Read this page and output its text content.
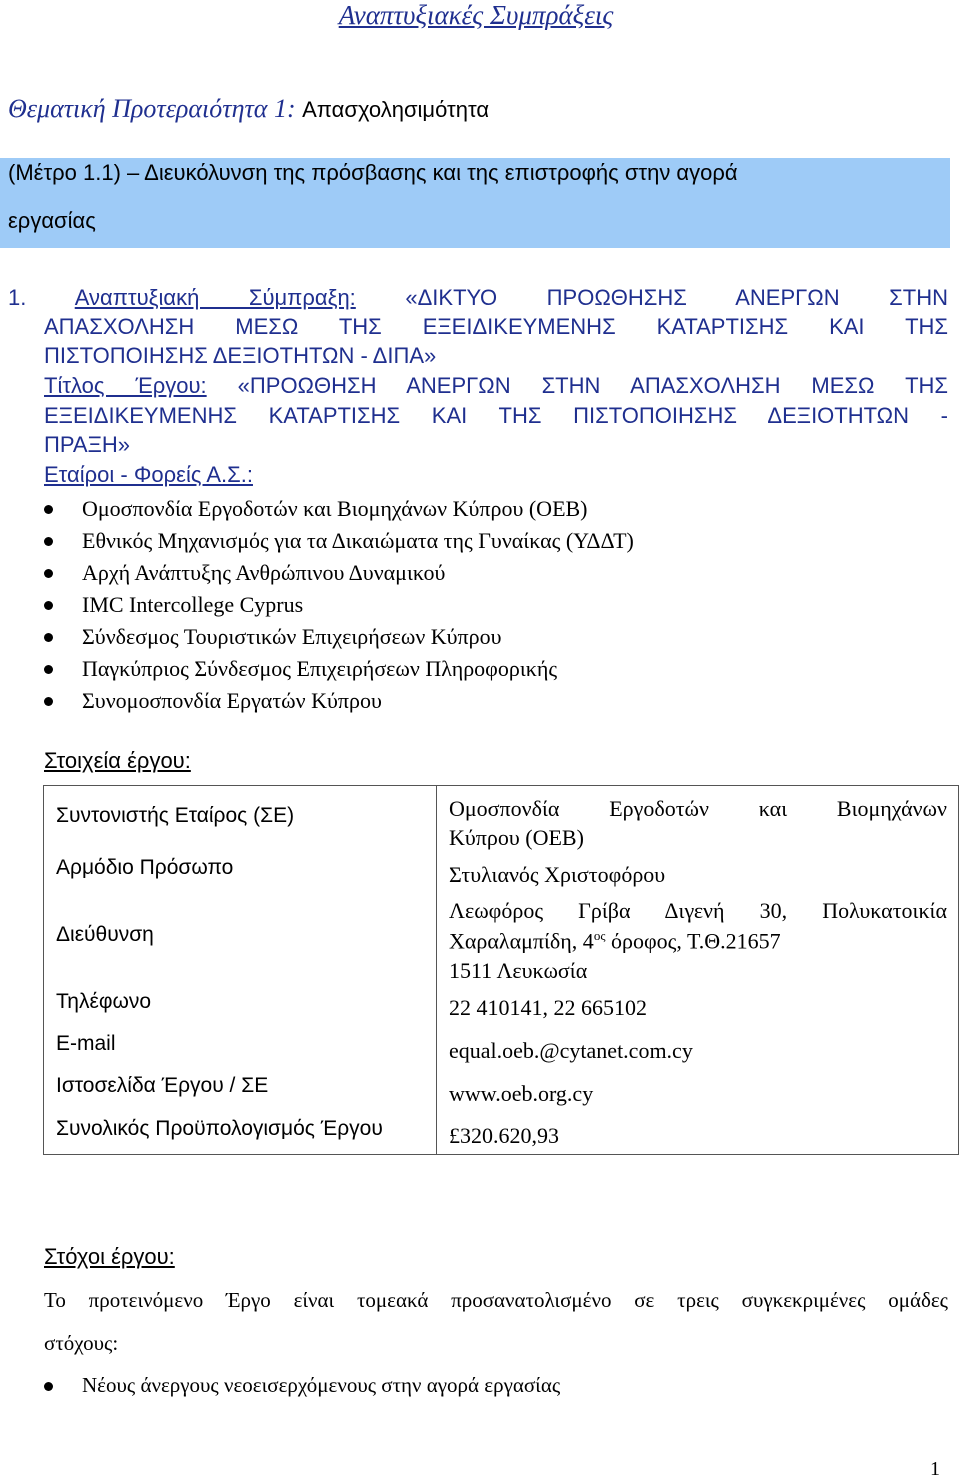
Αναπτυξιακές Συμπράξεις
Θεματική Προτεραιότητα 1: Απασχολησιμότητα
(Μέτρο 1.1) – Διευκόλυνση της πρόσβασης και της επιστροφής στην αγορά
εργασίας
1. Αναπτυξιακή Σύμπραξη: «ΔΙΚΤΥΟ ΠΡΟΩΘΗΣΗΣ ΑΝΕΡΓΩΝ ΣΤΗΝ
ΑΠΑΣΧΟΛΗΣΗ ΜΕΣΩ ΤΗΣ ΕΞΕΙΔΙΚΕΥΜΕΝΗΣ ΚΑΤΑΡΤΙΣΗΣ ΚΑΙ ΤΗΣ
ΠΙΣΤΟΠΟΙΗΣΗΣ ΔΕΞΙΟΤΗΤΩΝ - ΔΙΠΑ»
Τίτλος Έργου: «ΠΡΟΩΘΗΣΗ ΑΝΕΡΓΩΝ ΣΤΗΝ ΑΠΑΣΧΟΛΗΣΗ ΜΕΣΩ ΤΗΣ
ΕΞΕΙΔΙΚΕΥΜΕΝΗΣ ΚΑΤΑΡΤΙΣΗΣ ΚΑΙ ΤΗΣ ΠΙΣΤΟΠΟΙΗΣΗΣ ΔΕΞΙΟΤΗΤΩΝ -
ΠΡΑΞΗ»
Εταίροι - Φορείς Α.Σ.:
Ομοσπονδία Εργοδοτών και Βιομηχάνων Κύπρου (ΟΕΒ)
Εθνικός Μηχανισμός για τα Δικαιώματα της Γυναίκας (ΥΔΔΤ)
Αρχή Ανάπτυξης Ανθρώπινου Δυναμικού
IMC Intercollege Cyprus
Σύνδεσμος Τουριστικών Επιχειρήσεων Κύπρου
Παγκύπριος Σύνδεσμος Επιχειρήσεων Πληροφορικής
Συνομοσπονδία Εργατών Κύπρου
Στοιχεία έργου:
Συντονιστής Εταίρος (ΣΕ)	Ομοσπονδία Εργοδοτών και Βιομηχάνων
Κύπρου (ΟΕΒ)
Αρμόδιο Πρόσωπο	Στυλιανός Χριστοφόρου
Διεύθυνση
Λεωφόρος Γρίβα Διγενή 30, Πολυκατοικία
Χαραλαμπίδη, $4^{o\varsigma}$ όροφος, Τ.Θ.21657
1511 Λευκωσία
Τηλέφωνο	22 410141, 22 665102
E-mail	equal.oeb.@cytanet.com.cy
Ιστοσελίδα Έργου / ΣΕ	www.oeb.org.cy
Συνολικός Προϋπολογισμός Έργου	£320.620,93
Στόχοι έργου:
Το προτεινόμενο Έργο είναι τομεακά προσανατολισμένο σε τρεις συγκεκριμένες ομάδες
στόχους:
Νέους άνεργους νεοεισερχόμενους στην αγορά εργασίας
1
